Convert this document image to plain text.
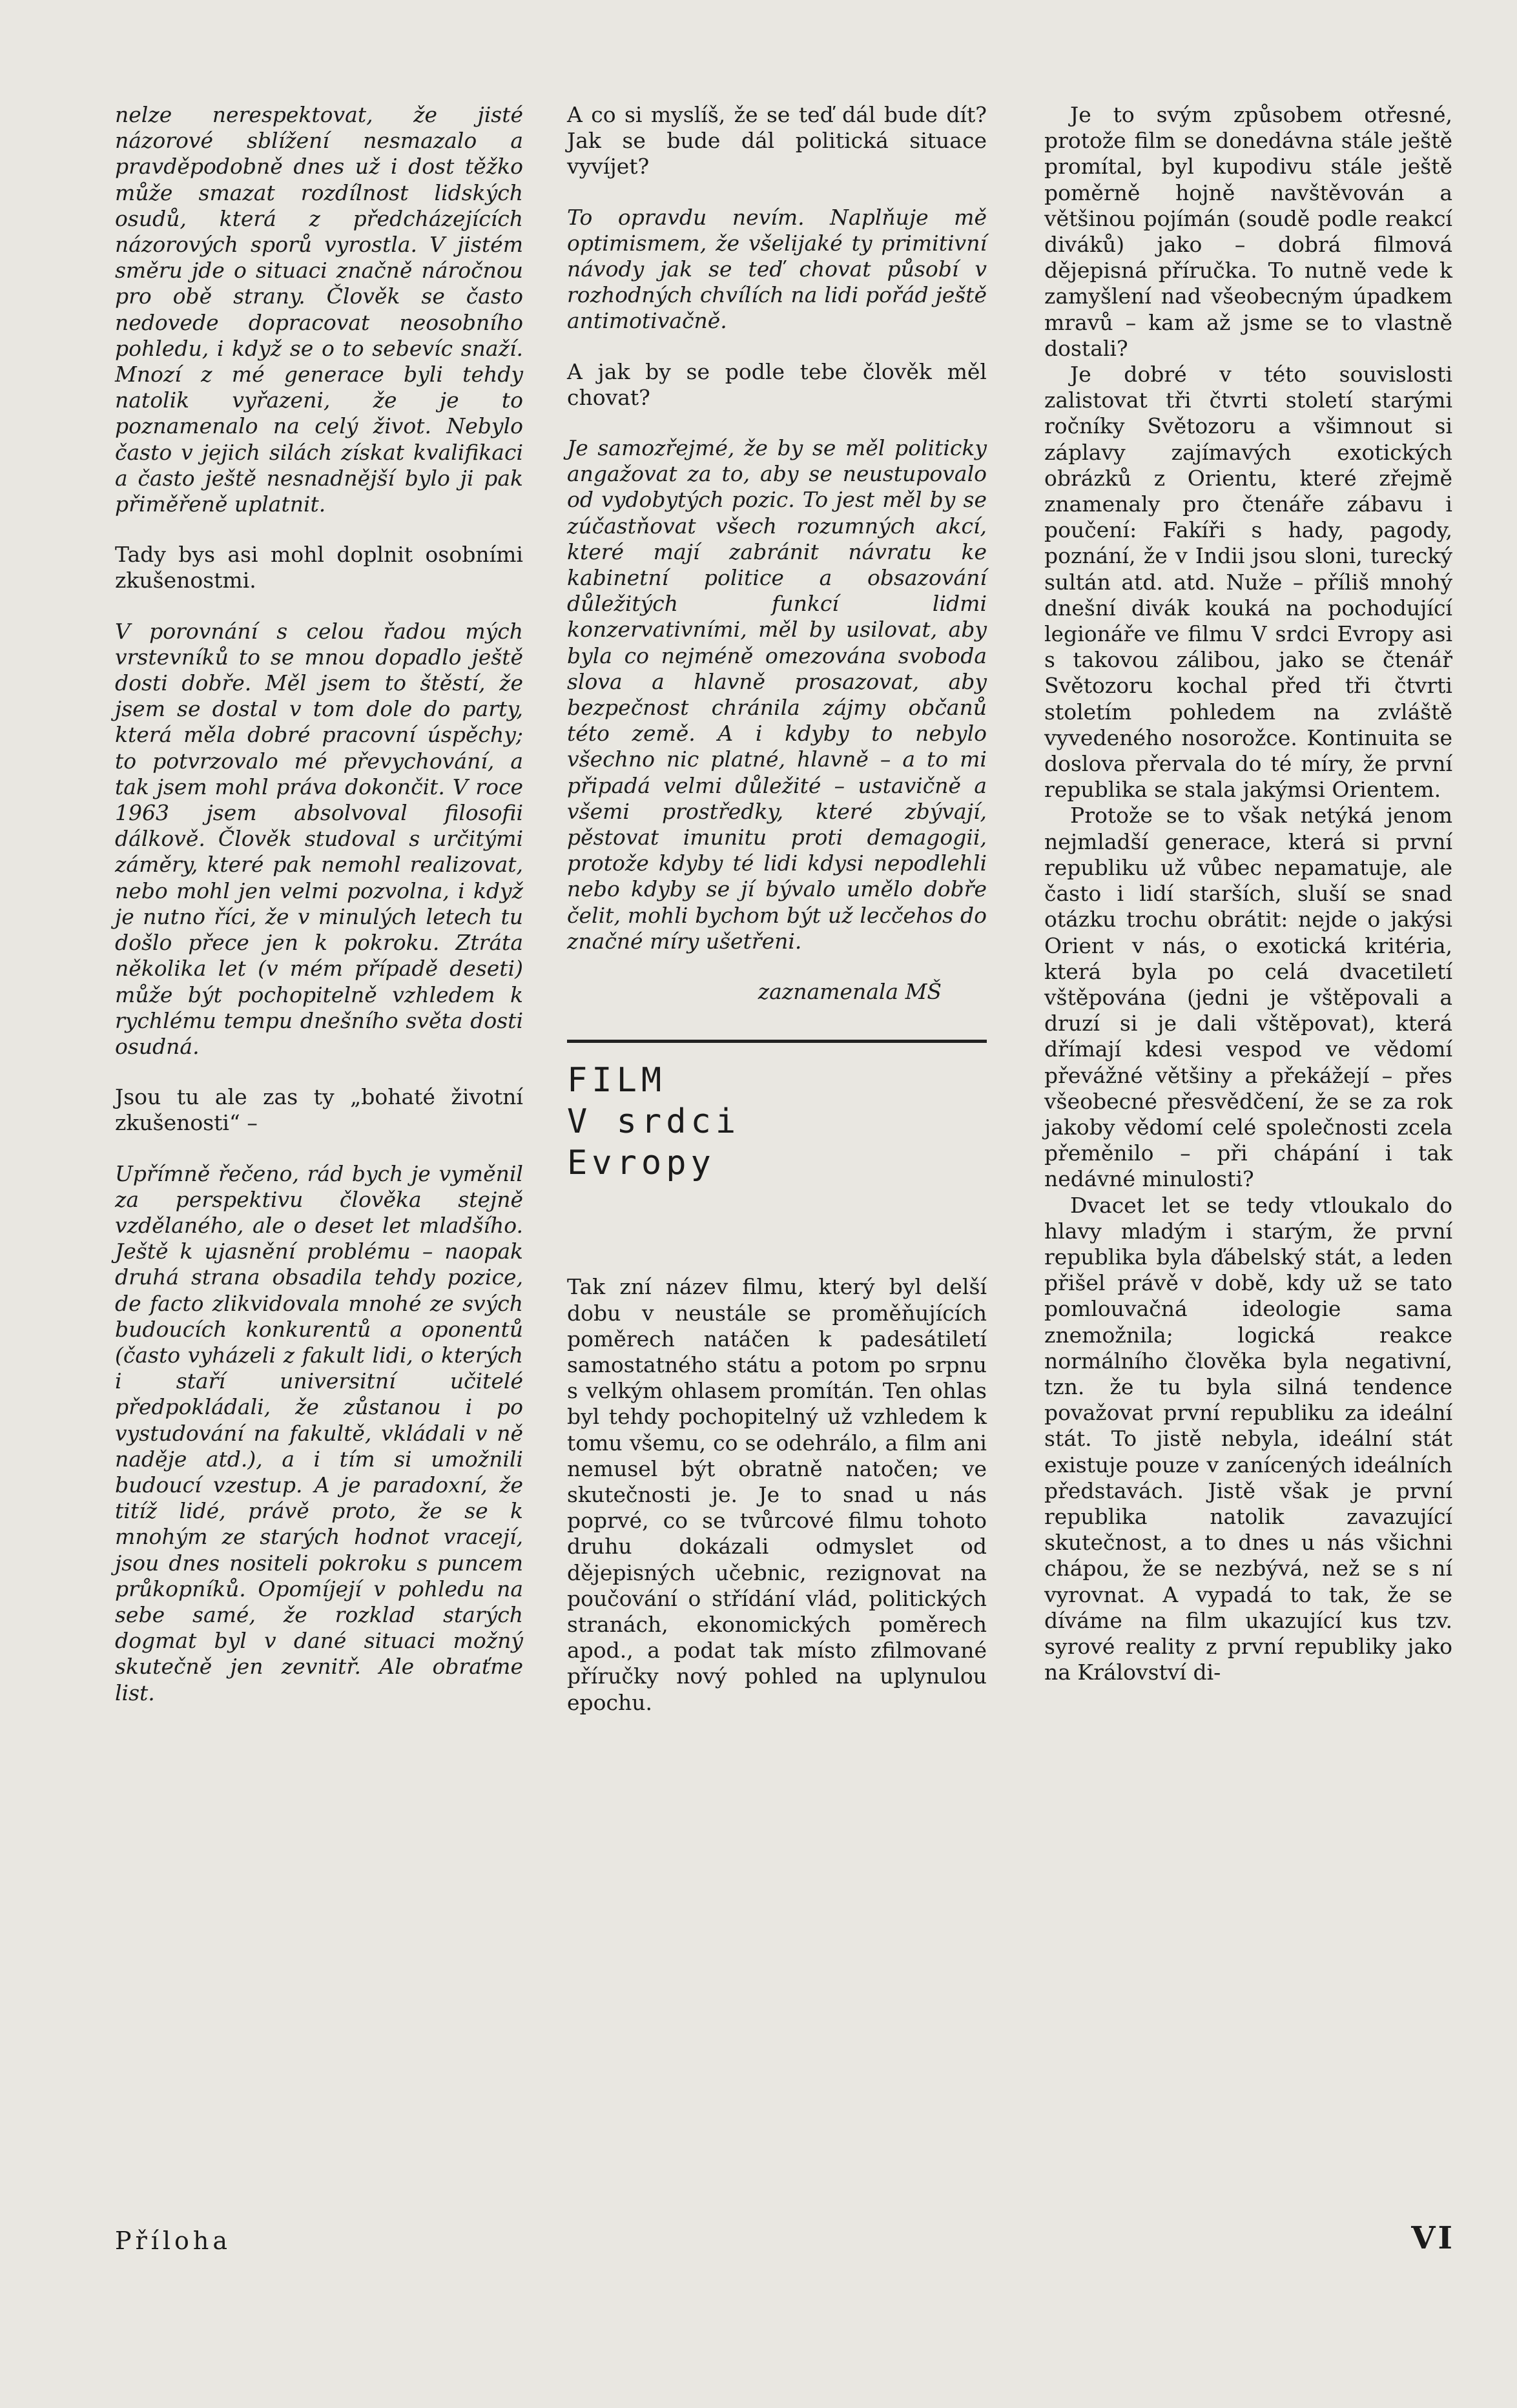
nelze nerespektovat, že jisté názorové sblížení nesmazalo a pravděpodobně dnes už i dost těžko může smazat rozdílnost lidských osudů, která z předcházejících názorových sporů vyrostla. V jistém směru jde o situaci značně náročnou pro obě strany. Člověk se často nedovede dopracovat neosobního pohledu, i když se o to sebevíc snaží. Mnozí z mé generace byli tehdy natolik vyřazeni, že je to poznamenalo na celý život. Nebylo často v jejich silách získat kvalifikaci a často ještě nesnadnější bylo ji pak přiměřeně uplatnit.

Tady bys asi mohl doplnit osobními zkušenostmi.

V porovnání s celou řadou mých vrstevníků to se mnou dopadlo ještě dosti dobře. Měl jsem to štěstí, že jsem se dostal v tom dole do party, která měla dobré pracovní úspěchy; to potvrzovalo mé převychování, a tak jsem mohl práva dokončit. V roce 1963 jsem absolvoval filosofii dálkově. Člověk studoval s určitými záměry, které pak nemohl realizovat, nebo mohl jen velmi pozvolna, i když je nutno říci, že v minulých letech tu došlo přece jen k pokroku. Ztráta několika let (v mém případě deseti) může být pochopitelně vzhledem k rychlému tempu dnešního světa dosti osudná.

Jsou tu ale zas ty „bohaté životní zkušenosti“ –

Upřímně řečeno, rád bych je vyměnil za perspektivu člověka stejně vzdělaného, ale o deset let mladšího. Ještě k ujasnění problému – naopak druhá strana obsadila tehdy pozice, de facto zlikvidovala mnohé ze svých budoucích konkurentů a oponentů (často vyházeli z fakult lidi, o kterých i staří universitní učitelé předpokládali, že zůstanou i po vystudování na fakultě, vkládali v ně naděje atd.), a i tím si umožnili budoucí vzestup. A je paradoxní, že titíž lidé, právě proto, že se k mnohým ze starých hodnot vracejí, jsou dnes nositeli pokroku s puncem průkopníků. Opomíjejí v pohledu na sebe samé, že rozklad starých dogmat byl v dané situaci možný skutečně jen zevnitř. Ale obraťme list.

A co si myslíš, že se teď dál bude dít? Jak se bude dál politická situace vyvíjet?

To opravdu nevím. Naplňuje mě optimismem, že všelijaké ty primitivní návody jak se teď chovat působí v rozhodných chvílích na lidi pořád ještě antimotivačně.

A jak by se podle tebe člověk měl chovat?

Je samozřejmé, že by se měl politicky angažovat za to, aby se neustupovalo od vydobytých pozic. To jest měl by se zúčastňovat všech rozumných akcí, které mají zabránit návratu ke kabinetní politice a obsazování důležitých funkcí lidmi konzervativními, měl by usilovat, aby byla co nejméně omezována svoboda slova a hlavně prosazovat, aby bezpečnost chránila zájmy občanů této země. A i kdyby to nebylo všechno nic platné, hlavně – a to mi připadá velmi důležité – ustavičně a všemi prostředky, které zbývají, pěstovat imunitu proti demagogii, protože kdyby té lidi kdysi nepodlehli nebo kdyby se jí bývalo umělo dobře čelit, mohli bychom být už lecčehos do značné míry ušetřeni.

zaznamenala MŠ

FILM
V srdci
Evropy

Tak zní název filmu, který byl delší dobu v neustále se proměňujících poměrech natáčen k padesátiletí samostatného státu a potom po srpnu s velkým ohlasem promítán. Ten ohlas byl tehdy pochopitelný už vzhledem k tomu všemu, co se odehrálo, a film ani nemusel být obratně natočen; ve skutečnosti je. Je to snad u nás poprvé, co se tvůrcové filmu tohoto druhu dokázali odmyslet od dějepisných učebnic, rezignovat na poučování o střídání vlád, politických stranách, ekonomických poměrech apod., a podat tak místo zfilmované příručky nový pohled na uplynulou epochu.

Je to svým způsobem otřesné, protože film se donedávna stále ještě promítal, byl kupodivu stále ještě poměrně hojně navštěvován a většinou pojímán (soudě podle reakcí diváků) jako – dobrá filmová dějepisná příručka. To nutně vede k zamyšlení nad všeobecným úpadkem mravů – kam až jsme se to vlastně dostali?

Je dobré v této souvislosti zalistovat tři čtvrti století starými ročníky Světozoru a všimnout si záplavy zajímavých exotických obrázků z Orientu, které zřejmě znamenaly pro čtenáře zábavu i poučení: Fakíři s hady, pagody, poznání, že v Indii jsou sloni, turecký sultán atd. atd. Nuže – příliš mnohý dnešní divák kouká na pochodující legionáře ve filmu V srdci Evropy asi s takovou zálibou, jako se čtenář Světozoru kochal před tři čtvrti stoletím pohledem na zvláště vyvedeného nosorožce. Kontinuita se doslova přervala do té míry, že první republika se stala jakýmsi Orientem.

Protože se to však netýká jenom nejmladší generace, která si první republiku už vůbec nepamatuje, ale často i lidí starších, sluší se snad otázku trochu obrátit: nejde o jakýsi Orient v nás, o exotická kritéria, která byla po celá dvacetiletí vštěpována (jedni je vštěpovali a druzí si je dali vštěpovat), která dřímají kdesi vespod ve vědomí převážné většiny a překážejí – přes všeobecné přesvědčení, že se za rok jakoby vědomí celé společnosti zcela přeměnilo – při chápání i tak nedávné minulosti?

Dvacet let se tedy vtloukalo do hlavy mladým i starým, že první republika byla ďábelský stát, a leden přišel právě v době, kdy už se tato pomlouvačná ideologie sama znemožnila; logická reakce normálního člověka byla negativní, tzn. že tu byla silná tendence považovat první republiku za ideální stát. To jistě nebyla, ideální stát existuje pouze v zanícených ideálních představách. Jistě však je první republika natolik zavazující skutečnost, a to dnes u nás všichni chápou, že se nezbývá, než se s ní vyrovnat. A vypadá to tak, že se díváme na film ukazující kus tzv. syrové reality z první republiky jako na Království di-

Příloha	VI
